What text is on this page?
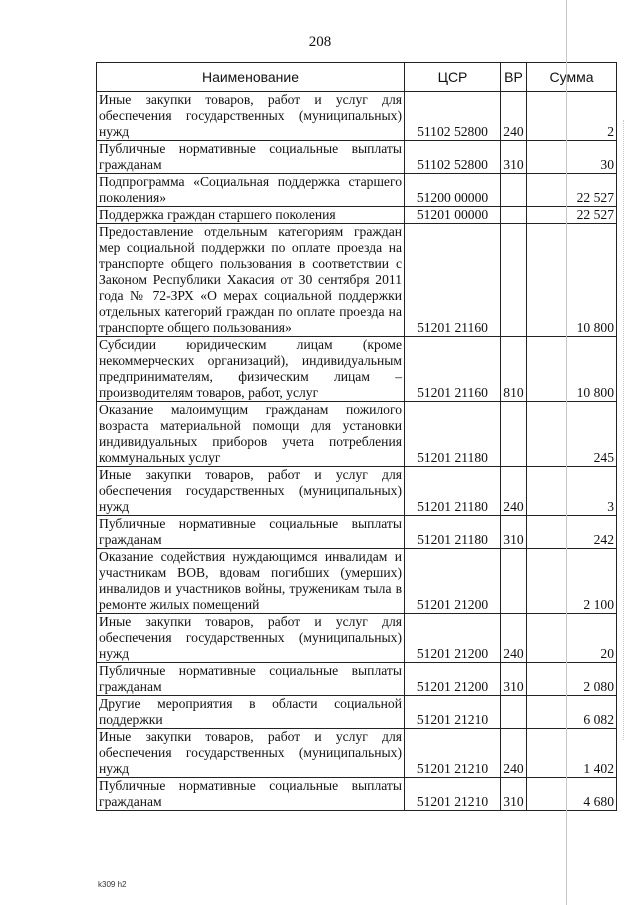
208
Наименование	ЦСР	ВР	Сумма
Иные закупки товаров, работ и услуг для обеспечения государственных (муниципальных) нужд	51102 52800	240	2
Публичные нормативные социальные выплаты гражданам	51102 52800	310	30
Подпрограмма «Социальная поддержка старшего поколения»	51200 00000		22 527
Поддержка граждан старшего поколения	51201 00000		22 527
Предоставление отдельным категориям граждан мер социальной поддержки по оплате проезда на транспорте общего пользования в соответствии с Законом Республики Хакасия от 30 сентября 2011 года № 72-ЗРХ «О мерах социальной поддержки отдельных категорий граждан по оплате проезда на транспорте общего пользования»	51201 21160		10 800
Субсидии юридическим лицам (кроме некоммерческих организаций), индивидуальным предпринимателям, физическим лицам – производителям товаров, работ, услуг	51201 21160	810	10 800
Оказание малоимущим гражданам пожилого возраста материальной помощи для установки индивидуальных приборов учета потребления коммунальных услуг	51201 21180		245
Иные закупки товаров, работ и услуг для обеспечения государственных (муниципальных) нужд	51201 21180	240	3
Публичные нормативные социальные выплаты гражданам	51201 21180	310	242
Оказание содействия нуждающимся инвалидам и участникам ВОВ, вдовам погибших (умерших) инвалидов и участников войны, труженикам тыла в ремонте жилых помещений	51201 21200		2 100
Иные закупки товаров, работ и услуг для обеспечения государственных (муниципальных) нужд	51201 21200	240	20
Публичные нормативные социальные выплаты гражданам	51201 21200	310	2 080
Другие мероприятия в области социальной поддержки	51201 21210		6 082
Иные закупки товаров, работ и услуг для обеспечения государственных (муниципальных) нужд	51201 21210	240	1 402
Публичные нормативные социальные выплаты гражданам	51201 21210	310	4 680
k309 h2
